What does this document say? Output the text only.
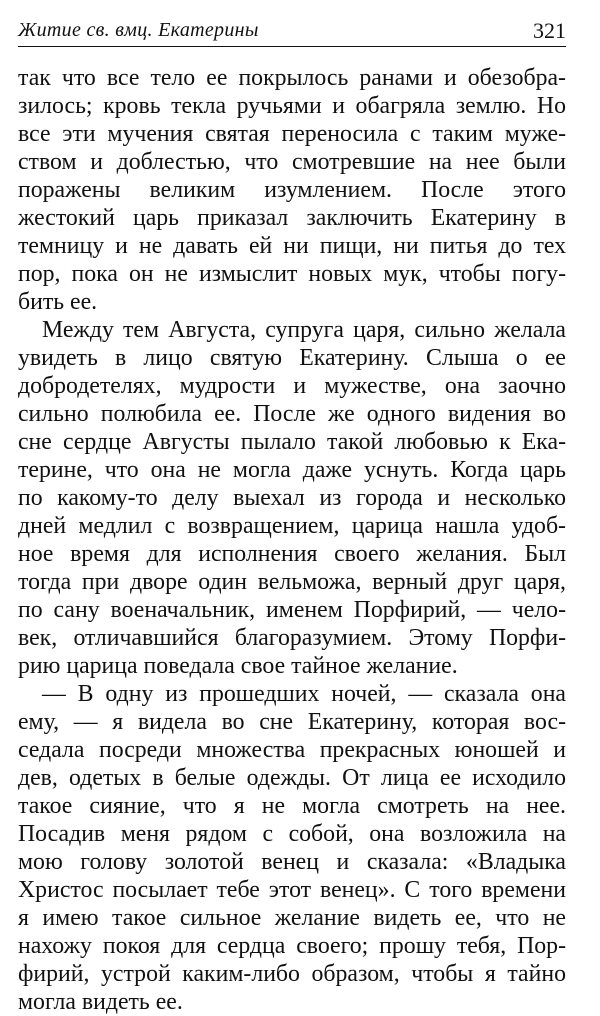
Житие св. вмц. Екатерины	321
так что все тело ее покрылось ранами и обезобра-
зилось; кровь текла ручьями и обагряла землю. Но
все эти мучения святая переносила с таким муже-
ством и доблестью, что смотревшие на нее были
поражены великим изумлением. После этого
жестокий царь приказал заключить Екатерину в
темницу и не давать ей ни пищи, ни питья до тех
пор, пока он не измыслит новых мук, чтобы погу-
бить ее.
Между тем Августа, супруга царя, сильно желала
увидеть в лицо святую Екатерину. Слыша о ее
добродетелях, мудрости и мужестве, она заочно
сильно полюбила ее. После же одного видения во
сне сердце Августы пылало такой любовью к Ека-
терине, что она не могла даже уснуть. Когда царь
по какому-то делу выехал из города и несколько
дней медлил с возвращением, царица нашла удоб-
ное время для исполнения своего желания. Был
тогда при дворе один вельможа, верный друг царя,
по сану военачальник, именем Порфирий, — чело-
век, отличавшийся благоразумием. Этому Порфи-
рию царица поведала свое тайное желание.
— В одну из прошедших ночей, — сказала она
ему, — я видела во сне Екатерину, которая вос-
седала посреди множества прекрасных юношей и
дев, одетых в белые одежды. От лица ее исходило
такое сияние, что я не могла смотреть на нее.
Посадив меня рядом с собой, она возложила на
мою голову золотой венец и сказала: «Владыка
Христос посылает тебе этот венец». С того времени
я имею такое сильное желание видеть ее, что не
нахожу покоя для сердца своего; прошу тебя, Пор-
фирий, устрой каким-либо образом, чтобы я тайно
могла видеть ее.
